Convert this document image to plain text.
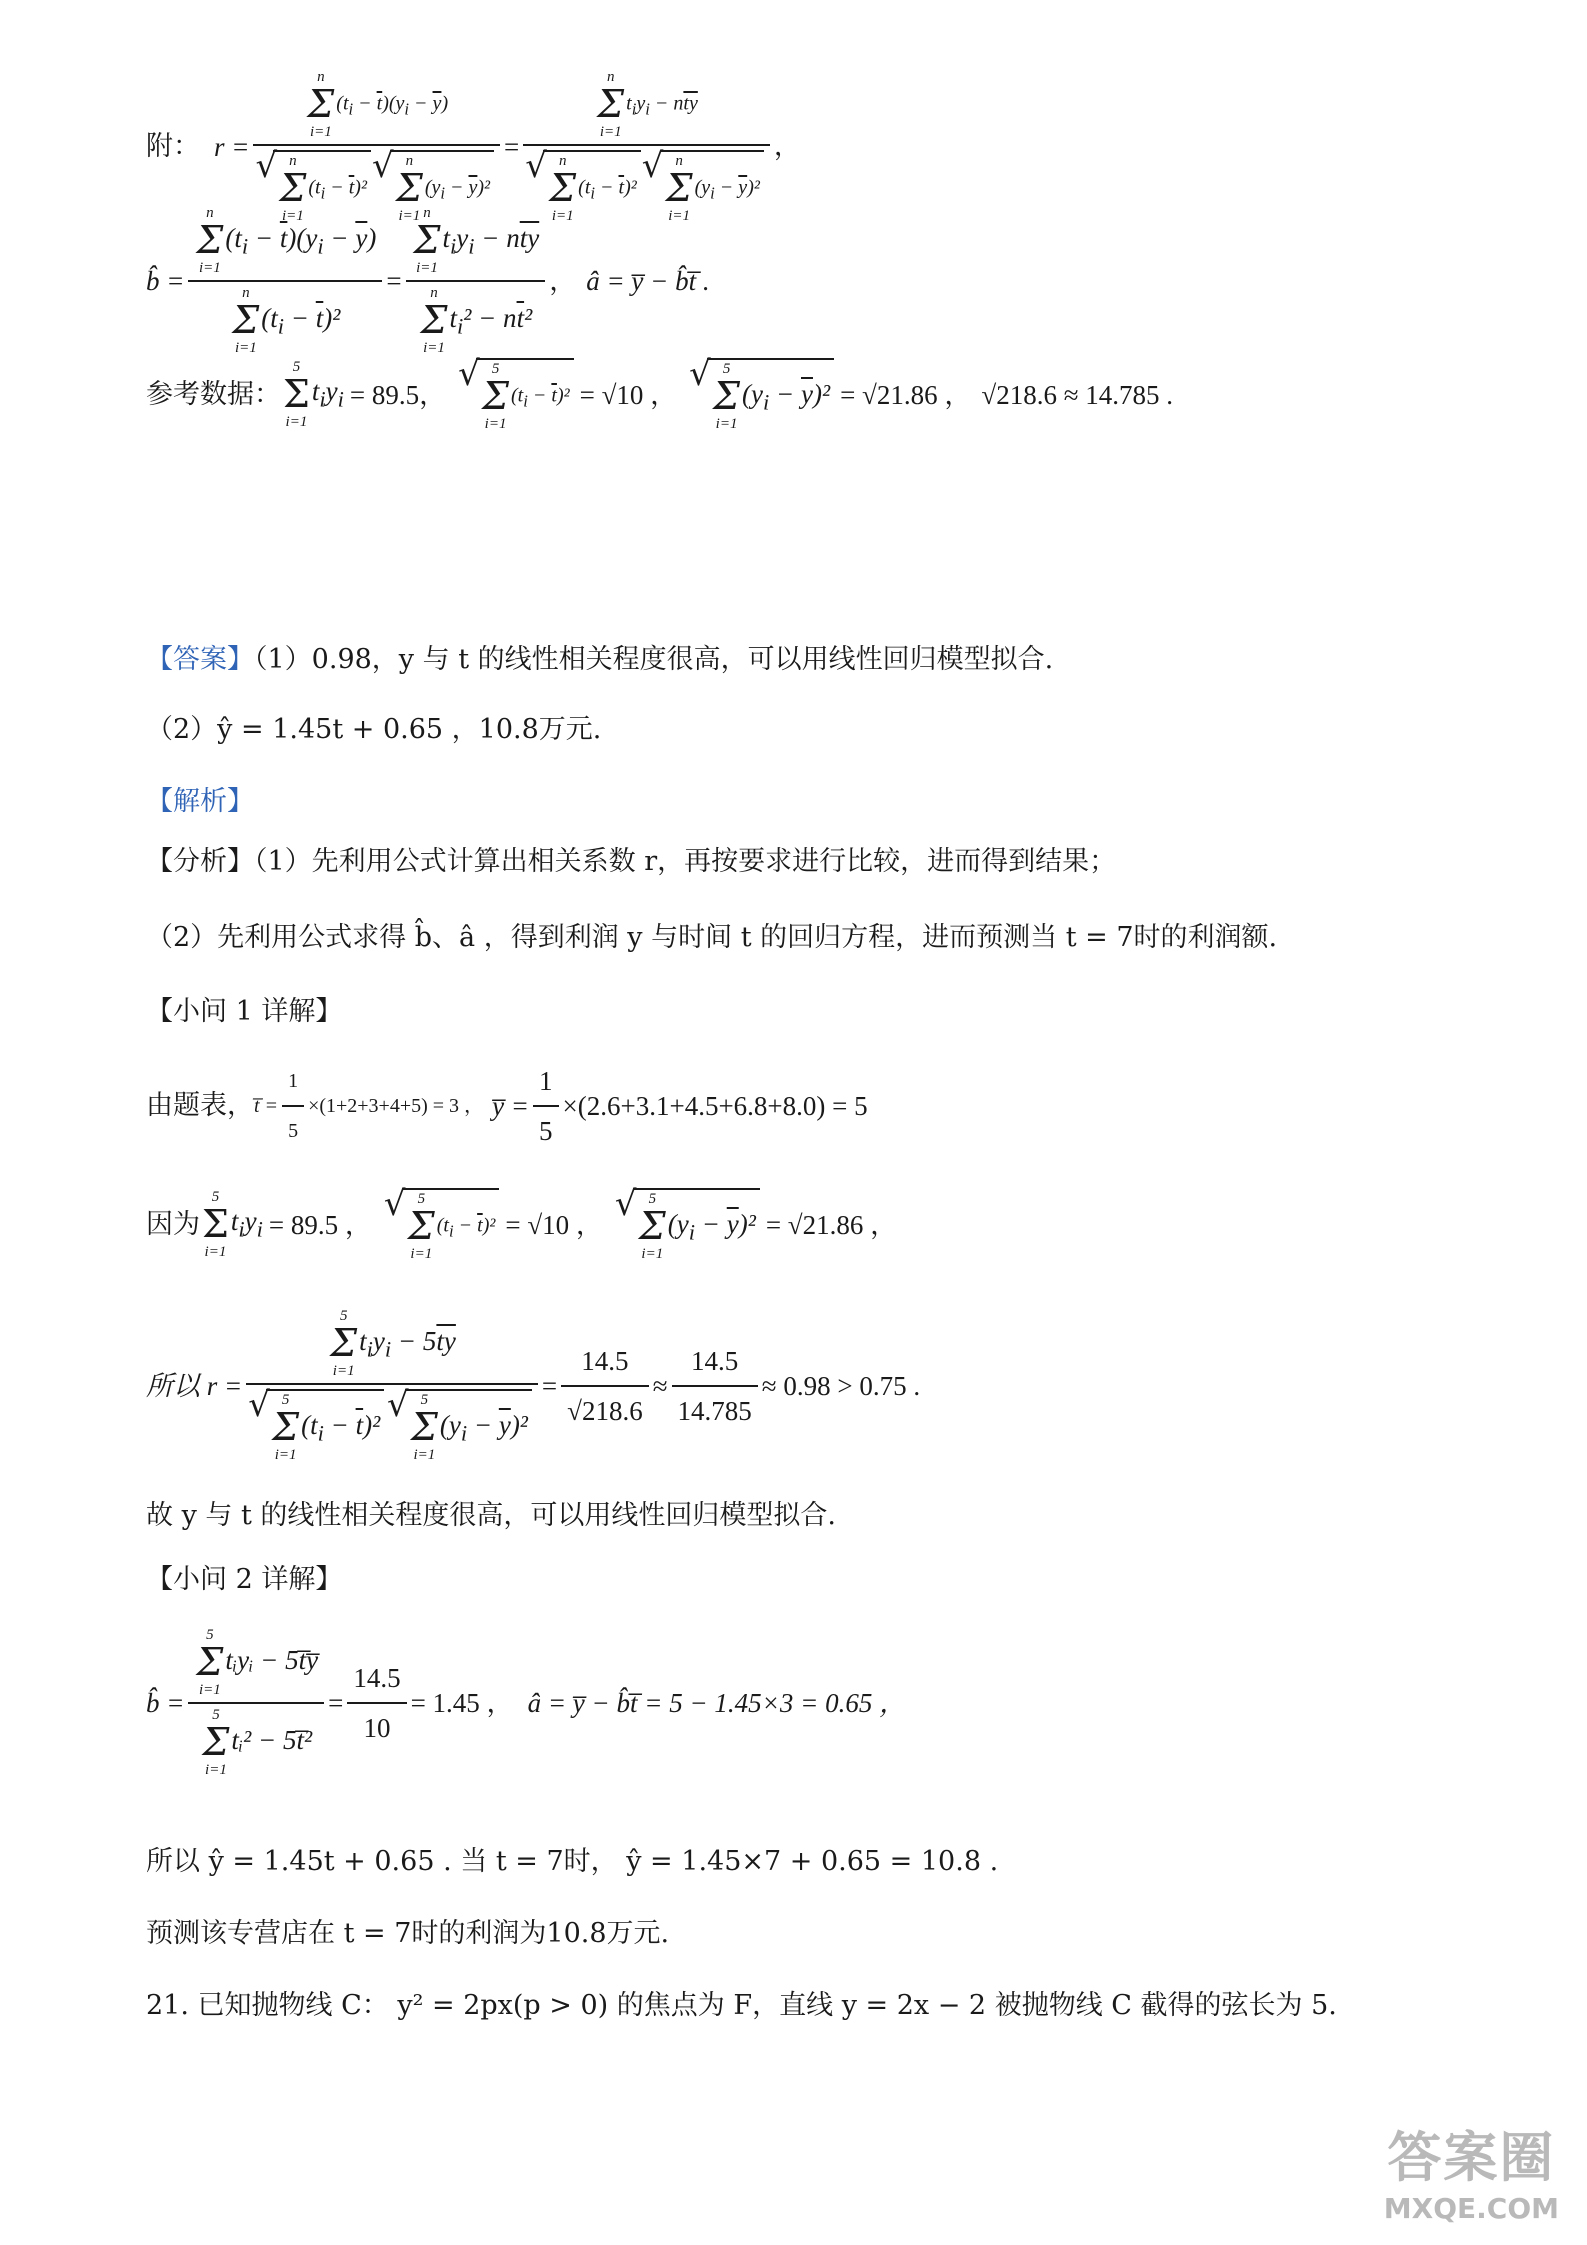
附： r = n
Σ
i=1
$(t_i - \overline{t})(y_i - \overline{y})$
√ n
Σ
i=1
$(t_i - \overline{t})^2$
√ n
Σ
i=1
$(y_i - \overline{y})^2 = n$
Σ
i=1
$t_iy_i - n\overline{ty}$
√ n
Σ
i=1
$(t_i - \overline{t})^2$
√ n
Σ
i=1
$(y_i - \overline{y})^2$ ，
b̂ = n
Σ
i=1
$(t_i - \overline{t})(y_i - \overline{y})$
n
Σ
i=1
$(t_i - \overline{t})^2 = n$
Σ
i=1
$t_iy_i - n\overline{ty}$
n
Σ
i=1
$t_i^2 - n\overline{t}^2$ ， â = y̅ − b̂t̅ .
参考数据：
5
Σ
i=1
$t_iy_i = 89.5$，
√ 5
Σ
i=1
$(t_i - \overline{t})^2 = √10$ ，
√ 5
Σ
i=1
$(y_i - \overline{y})^2 = √21.86$ ， √218.6 ≈ 14.785 .
【答案】（1）0.98，y 与 t 的线性相关程度很高，可以用线性回归模型拟合.
（2）ŷ = 1.45t + 0.65 ，10.8万元.
【解析】
【分析】（1）先利用公式计算出相关系数 r，再按要求进行比较，进而得到结果；
（2）先利用公式求得 b̂、â ，得到利润 y 与时间 t 的回归方程，进而预测当 t = 7时的利润额.
【小问 1 详解】
由题表， t̅ = $\frac{1}{5} \times(1+2+3+4+5) = 3$ ， y̅ = $\frac{1}{5} \times(2.6+3.1+4.5+6.8+8.0) = 5$
因为
5
Σ
i=1
$t_iy_i = 89.5$ ，
√ 5
Σ
i=1
$(t_i - \overline{t})^2 = √10$ ，
√ 5
Σ
i=1
$(y_i - \overline{y})^2 = √21.86$ ，
所以 r = 5
Σ
i=1
$t_iy_i - 5\overline{ty}$
√ 5
Σ
i=1
$(t_i - \overline{t})^2$
√ 5
Σ
i=1
$(y_i - \overline{y})^2 = \frac{14.5}{√218.6} \approx \frac{14.5}{14.785} \approx 0.98 > 0.75$ .
故 y 与 t 的线性相关程度很高，可以用线性回归模型拟合.
【小问 2 详解】
b̂ = 5
Σ
i=1
tᵢyᵢ − 5t̅y̅
5
Σ
i=1
tᵢ² − 5t̅² = $\frac{14.5}{10} = 1.45$ ， â = y̅ − b̂t̅ = 5 − 1.45×3 = 0.65 ，
所以 ŷ = 1.45t + 0.65 . 当 t = 7时， ŷ = 1.45×7 + 0.65 = 10.8 .
预测该专营店在 t = 7时的利润为10.8万元.
21. 已知抛物线 C： y² = 2px(p > 0) 的焦点为 F，直线 y = 2x − 2 被抛物线 C 截得的弦长为 5.
答案圈
MXQE.COM
